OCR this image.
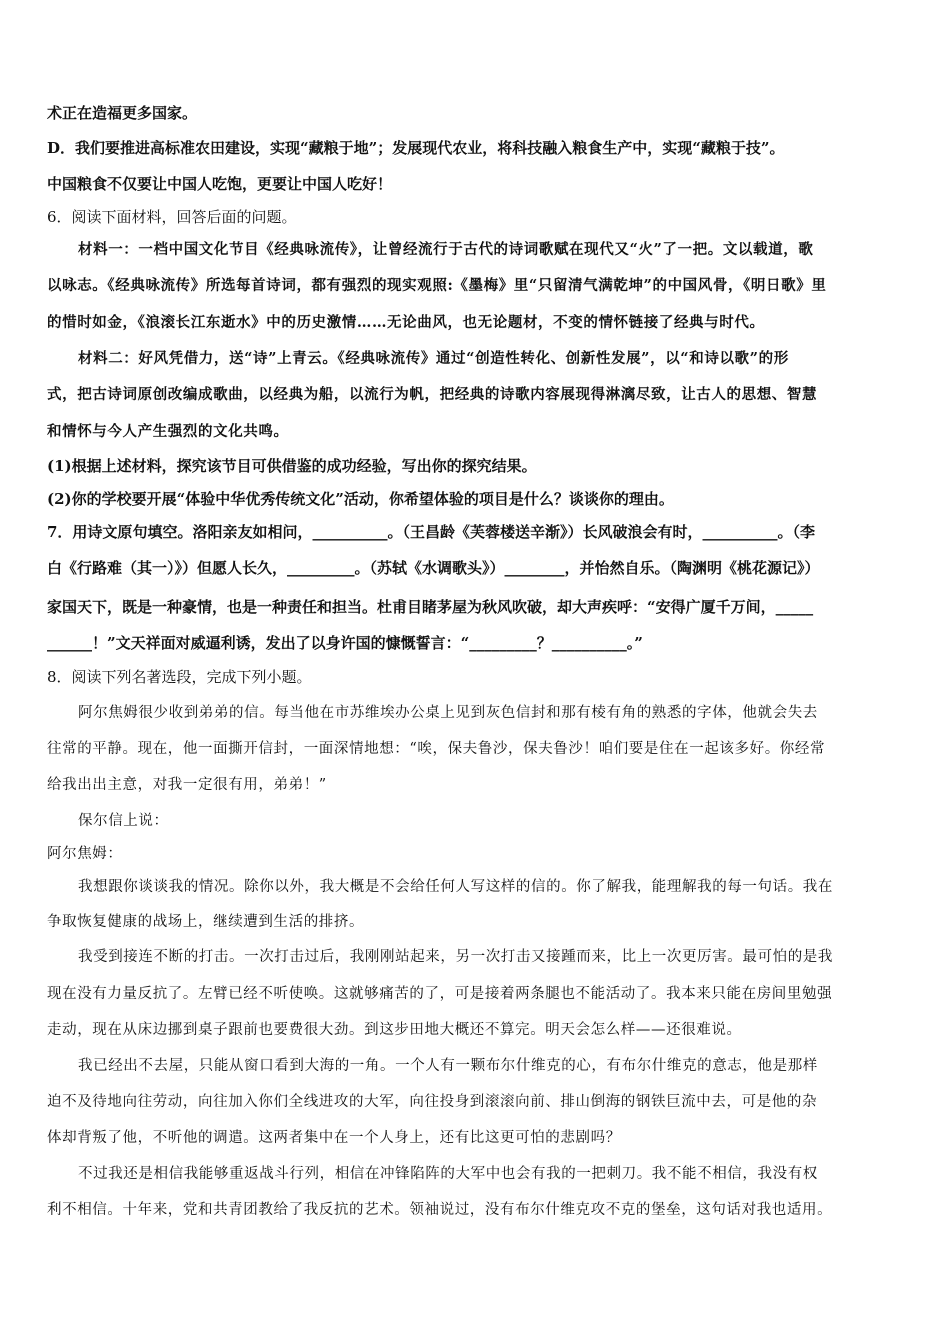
术正在造福更多国家。
D．我们要推进高标准农田建设，实现“藏粮于地”；发展现代农业，将科技融入粮食生产中，实现“藏粮于技”。
中国粮食不仅要让中国人吃饱，更要让中国人吃好！
6．阅读下面材料，回答后面的问题。
材料一：一档中国文化节目《经典咏流传》，让曾经流行于古代的诗词歌赋在现代又“火”了一把。文以载道，歌
以咏志。《经典咏流传》所选每首诗词，都有强烈的现实观照:《墨梅》里“只留清气满乾坤”的中国风骨，《明日歌》里
的惜时如金，《浪滚长江东逝水》中的历史激情……无论曲风，也无论题材，不变的情怀链接了经典与时代。
材料二：好风凭借力，送“诗”上青云。《经典咏流传》通过“创造性转化、创新性发展”，以“和诗以歌”的形
式，把古诗词原创改编成歌曲，以经典为船，以流行为帆，把经典的诗歌内容展现得淋漓尽致，让古人的思想、智慧
和情怀与今人产生强烈的文化共鸣。
(1)根据上述材料，探究该节目可供借鉴的成功经验，写出你的探究结果。
(2)你的学校要开展“体验中华优秀传统文化”活动，你希望体验的项目是什么？谈谈你的理由。
7．用诗文原句填空。洛阳亲友如相问，__________。（王昌龄《芙蓉楼送辛渐》）长风破浪会有时，__________。（李
白《行路难（其一）》）但愿人长久，_________。（苏轼《水调歌头》）________，并怡然自乐。（陶渊明《桃花源记》）
家国天下，既是一种豪情，也是一种责任和担当。杜甫目睹茅屋为秋风吹破，却大声疾呼：“安得广厦千万间，_____
______！”文天祥面对威逼利诱，发出了以身许国的慷慨誓言：“_________？__________。”
8．阅读下列名著选段，完成下列小题。
阿尔焦姆很少收到弟弟的信。每当他在市苏维埃办公桌上见到灰色信封和那有棱有角的熟悉的字体，他就会失去
往常的平静。现在，他一面撕开信封，一面深情地想：“唉，保夫鲁沙，保夫鲁沙！咱们要是住在一起该多好。你经常
给我出出主意，对我一定很有用，弟弟！”
保尔信上说：
阿尔焦姆：
我想跟你谈谈我的情况。除你以外，我大概是不会给任何人写这样的信的。你了解我，能理解我的每一句话。我在
争取恢复健康的战场上，继续遭到生活的排挤。
我受到接连不断的打击。一次打击过后，我刚刚站起来，另一次打击又接踵而来，比上一次更厉害。最可怕的是我
现在没有力量反抗了。左臂已经不听使唤。这就够痛苦的了，可是接着两条腿也不能活动了。我本来只能在房间里勉强
走动，现在从床边挪到桌子跟前也要费很大劲。到这步田地大概还不算完。明天会怎么样——还很难说。
我已经出不去屋，只能从窗口看到大海的一角。一个人有一颗布尔什维克的心，有布尔什维克的意志，他是那样
迫不及待地向往劳动，向往加入你们全线进攻的大军，向往投身到滚滚向前、排山倒海的钢铁巨流中去，可是他的杂
体却背叛了他，不听他的调遣。这两者集中在一个人身上，还有比这更可怕的悲剧吗？
不过我还是相信我能够重返战斗行列，相信在冲锋陷阵的大军中也会有我的一把刺刀。我不能不相信，我没有权
利不相信。十年来，党和共青团教给了我反抗的艺术。领袖说过，没有布尔什维克攻不克的堡垒，这句话对我也适用。
